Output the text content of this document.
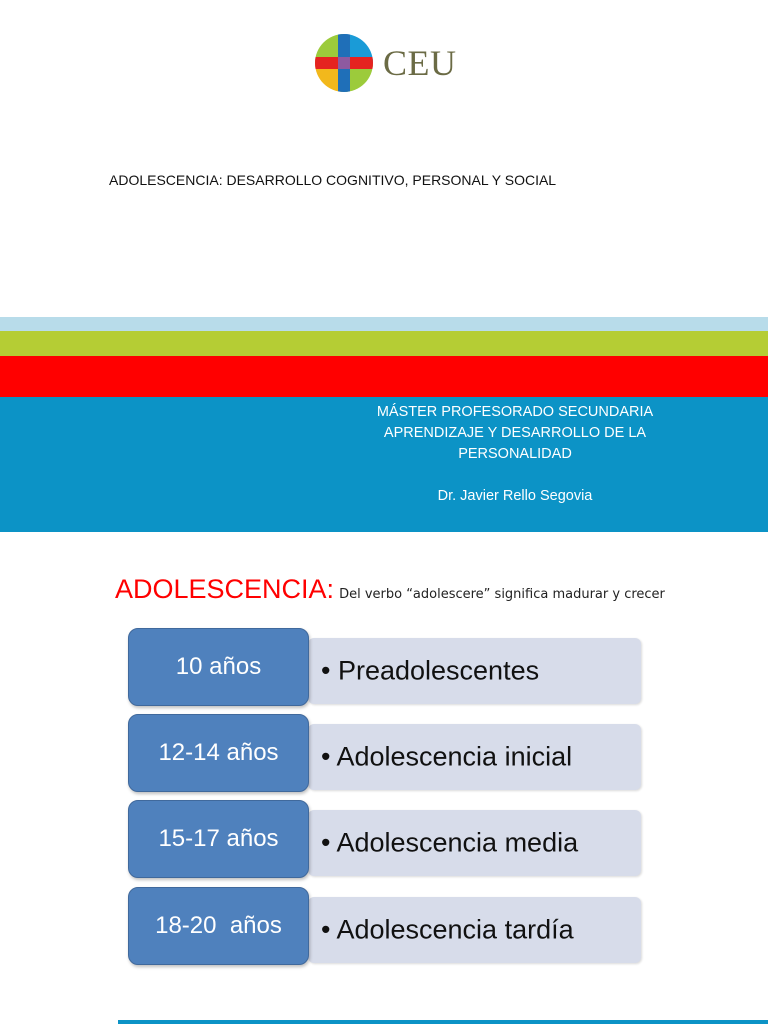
CEU
ADOLESCENCIA: DESARROLLO COGNITIVO, PERSONAL Y SOCIAL
MÁSTER PROFESORADO SECUNDARIA
APRENDIZAJE Y DESARROLLO DE LA
PERSONALIDAD
Dr. Javier Rello Segovia
ADOLESCENCIA: Del verbo “adolescere” significa madurar y crecer
• Preadolescentes
10 años
• Adolescencia inicial
12-14 años
• Adolescencia media
15-17 años
• Adolescencia tardía
18-20  años
